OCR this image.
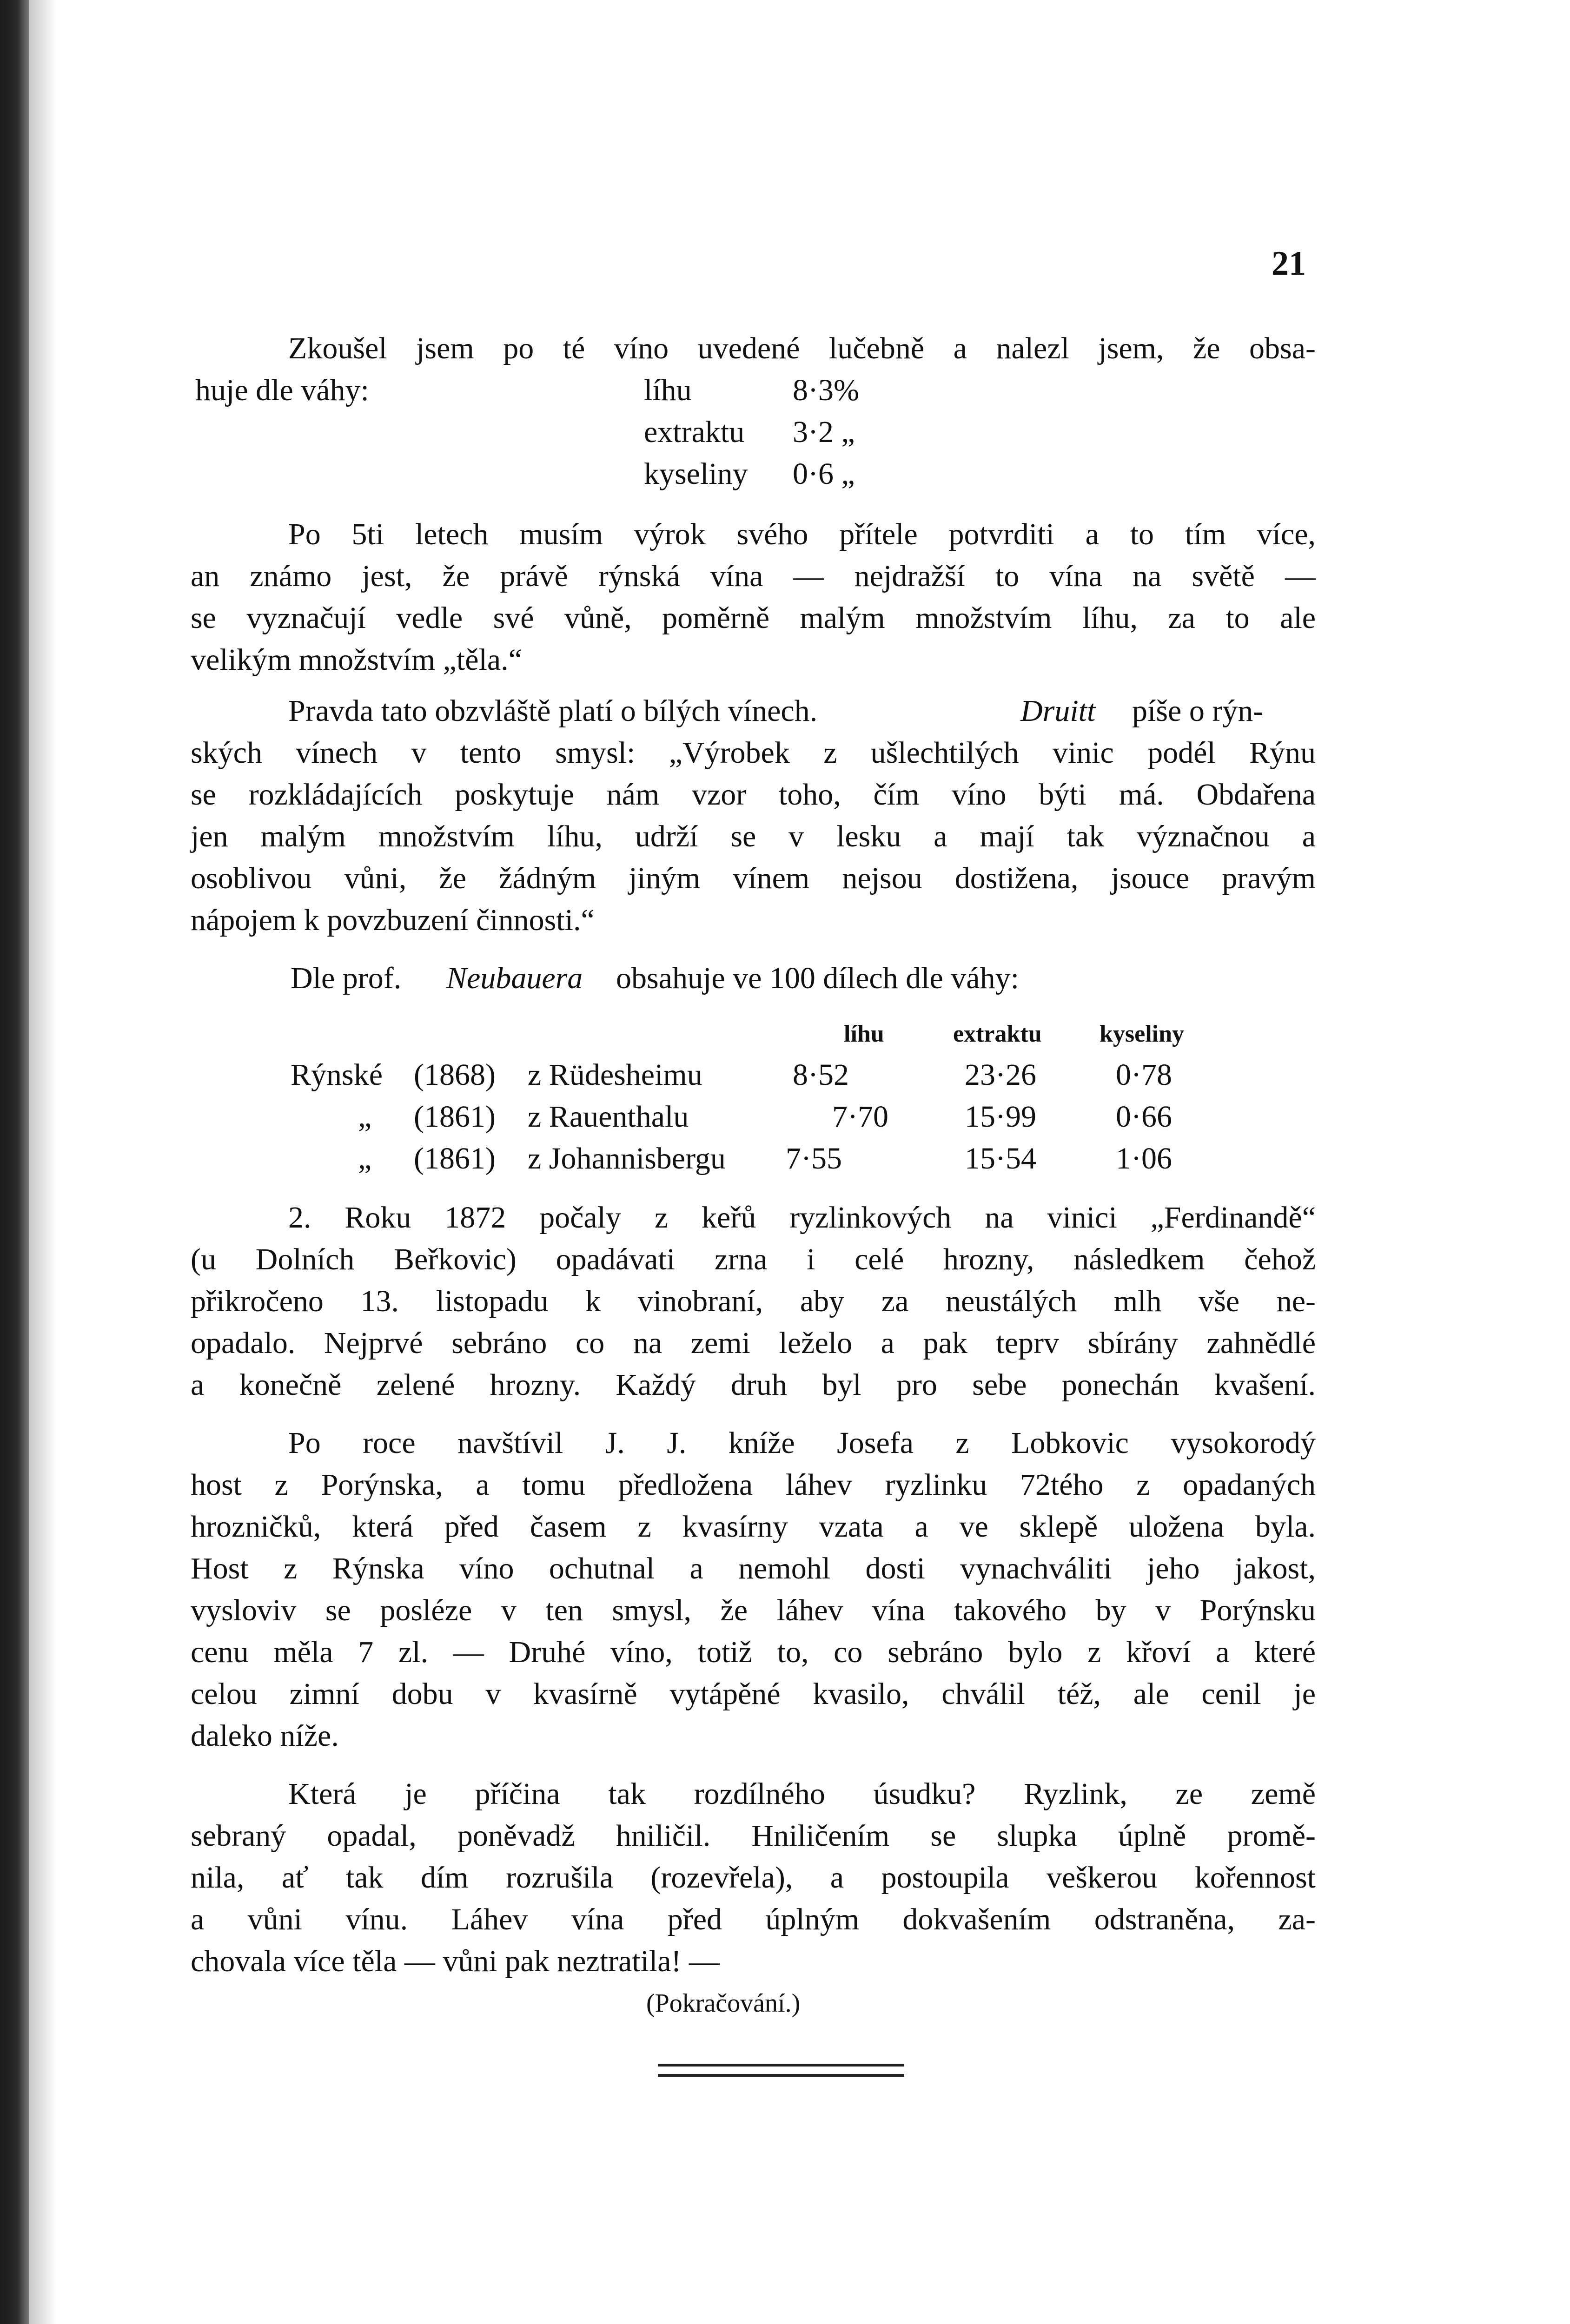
21
Zkoušel jsem po té víno uvedené lučebně a nalezl jsem, že obsa-
huje dle váhy:	líhu	8·3%
extraktu 3·2 „
kyseliny 0·6 „
Po 5ti letech musím výrok svého přítele potvrditi a to tím více,
an známo jest, že právě rýnská vína — nejdražší to vína na světě —
se vyznačují vedle své vůně, poměrně malým množstvím líhu, za to ale
velikým množstvím „těla.“
Pravda tato obzvláště platí o bílých vínech.	Druitt píše o rýn-
ských vínech v tento smysl: „Výrobek z ušlechtilých vinic podél Rýnu
se rozkládajících poskytuje nám vzor toho, čím víno býti má. Obdařena
jen malým množstvím líhu, udrží se v lesku a mají tak význačnou a
osoblivou vůni, že žádným jiným vínem nejsou dostižena, jsouce pravým
nápojem k povzbuzení činnosti.“
Dle prof. Neubauera obsahuje ve 100 dílech dle váhy:
líhu	extraktu kyseliny
Rýnské (1868) z Rüdesheimu	8·52	23·26	0·78
„ (1861) z Rauenthalu	7·70 15·99	0·66
„ (1861) z Johannisbergu 7·55	15·54	1·06
2. Roku 1872 počaly z keřů ryzlinkových na vinici „Ferdinandě“
(u Dolních Beřkovic) opadávati zrna i celé hrozny, následkem čehož
přikročeno 13. listopadu k vinobraní, aby za neustálých mlh vše ne-
opadalo. Nejprvé sebráno co na zemi leželo a pak teprv sbírány zahnědlé
a konečně zelené hrozny. Každý druh byl pro sebe ponechán kvašení.
Po roce navštívil J. J. kníže Josefa z Lobkovic vysokorodý
host z Porýnska, a tomu předložena láhev ryzlinku 72tého z opadaných
hrozničků, která před časem z kvasírny vzata a ve sklepě uložena byla.
Host z Rýnska víno ochutnal a nemohl dosti vynachváliti jeho jakost,
vysloviv se posléze v ten smysl, že láhev vína takového by v Porýnsku
cenu měla 7 zl. — Druhé víno, totiž to, co sebráno bylo z křoví a které
celou zimní dobu v kvasírně vytápěné kvasilo, chválil též, ale cenil je
daleko níže.
Která je příčina tak rozdílného úsudku? Ryzlink, ze země
sebraný opadal, poněvadž hniličil. Hniličením se slupka úplně promě-
nila, ať tak dím rozrušila (rozevřela), a postoupila veškerou kořennost
a vůni vínu. Láhev vína před úplným dokvašením odstraněna, za-
chovala více těla — vůni pak neztratila! —
(Pokračování.)
